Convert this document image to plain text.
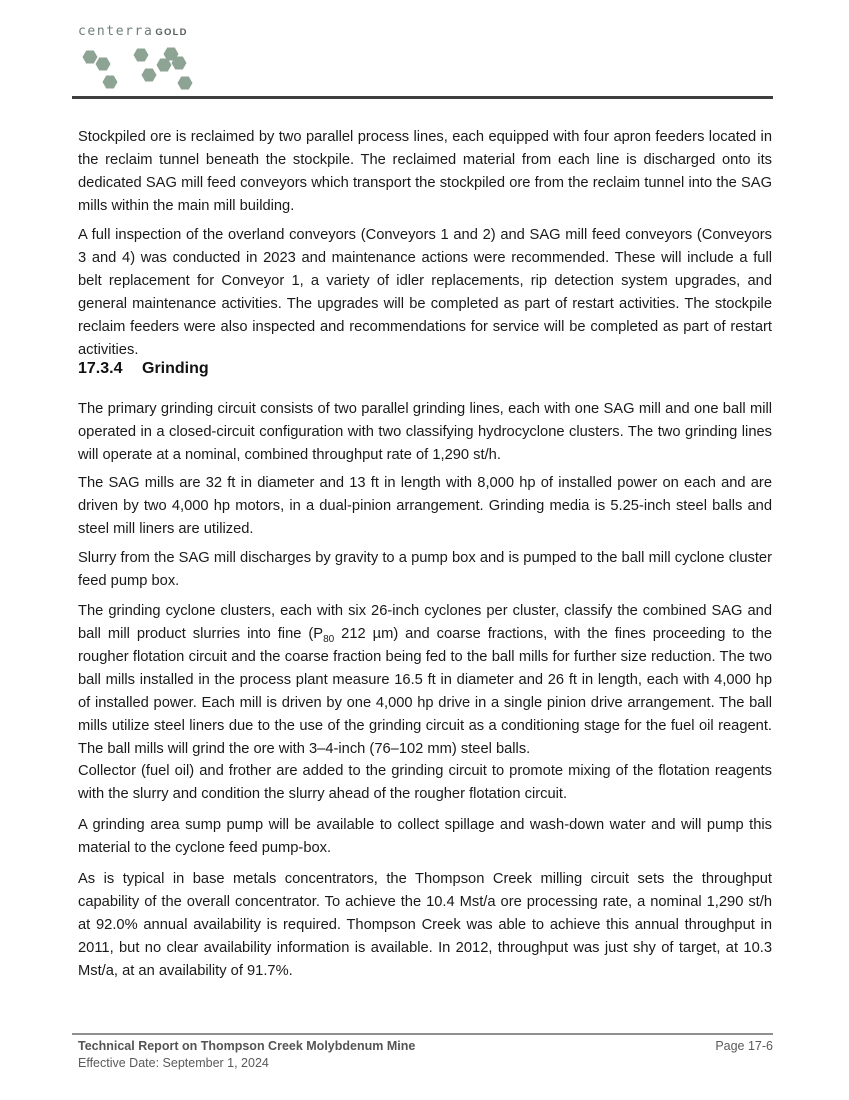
centerra GOLD

Stockpiled ore is reclaimed by two parallel process lines, each equipped with four apron feeders located in the reclaim tunnel beneath the stockpile. The reclaimed material from each line is discharged onto its dedicated SAG mill feed conveyors which transport the stockpiled ore from the reclaim tunnel into the SAG mills within the main mill building.

A full inspection of the overland conveyors (Conveyors 1 and 2) and SAG mill feed conveyors (Conveyors 3 and 4) was conducted in 2023 and maintenance actions were recommended. These will include a full belt replacement for Conveyor 1, a variety of idler replacements, rip detection system upgrades, and general maintenance activities. The upgrades will be completed as part of restart activities. The stockpile reclaim feeders were also inspected and recommendations for service will be completed as part of restart activities.

17.3.4 Grinding

The primary grinding circuit consists of two parallel grinding lines, each with one SAG mill and one ball mill operated in a closed-circuit configuration with two classifying hydrocyclone clusters. The two grinding lines will operate at a nominal, combined throughput rate of 1,290 st/h.

The SAG mills are 32 ft in diameter and 13 ft in length with 8,000 hp of installed power on each and are driven by two 4,000 hp motors, in a dual-pinion arrangement. Grinding media is 5.25-inch steel balls and steel mill liners are utilized.

Slurry from the SAG mill discharges by gravity to a pump box and is pumped to the ball mill cyclone cluster feed pump box.

The grinding cyclone clusters, each with six 26-inch cyclones per cluster, classify the combined SAG and ball mill product slurries into fine ($P_{80}$ 212 µm) and coarse fractions, with the fines proceeding to the rougher flotation circuit and the coarse fraction being fed to the ball mills for further size reduction. The two ball mills installed in the process plant measure 16.5 ft in diameter and 26 ft in length, each with 4,000 hp of installed power. Each mill is driven by one 4,000 hp drive in a single pinion drive arrangement. The ball mills utilize steel liners due to the use of the grinding circuit as a conditioning stage for the fuel oil reagent. The ball mills will grind the ore with 3–4-inch (76–102 mm) steel balls.

Collector (fuel oil) and frother are added to the grinding circuit to promote mixing of the flotation reagents with the slurry and condition the slurry ahead of the rougher flotation circuit.

A grinding area sump pump will be available to collect spillage and wash-down water and will pump this material to the cyclone feed pump-box.

As is typical in base metals concentrators, the Thompson Creek milling circuit sets the throughput capability of the overall concentrator. To achieve the 10.4 Mst/a ore processing rate, a nominal 1,290 st/h at 92.0% annual availability is required. Thompson Creek was able to achieve this annual throughput in 2011, but no clear availability information is available. In 2012, throughput was just shy of target, at 10.3 Mst/a, at an availability of 91.7%.

Technical Report on Thompson Creek Molybdenum Mine
Effective Date: September 1, 2024
Page 17-6
